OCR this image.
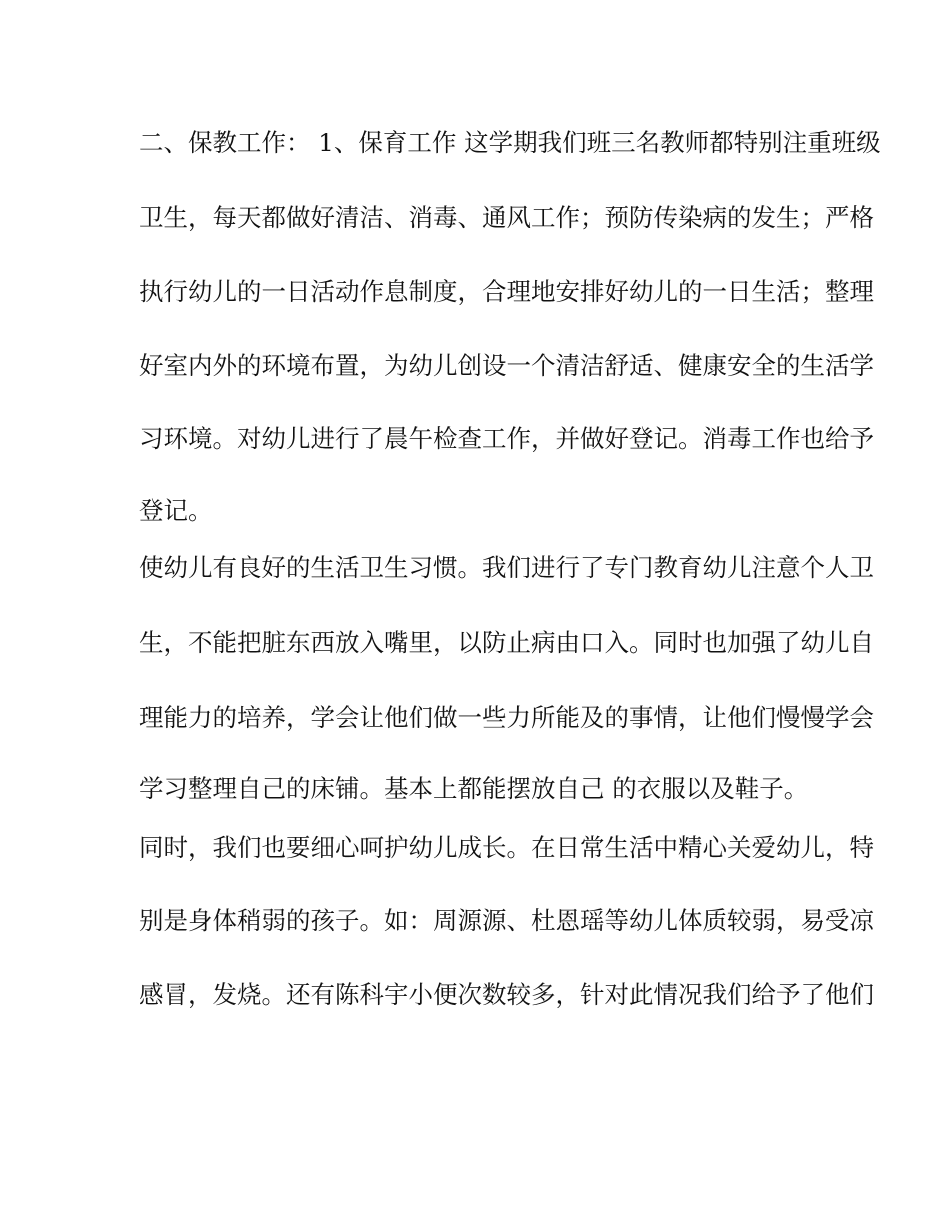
二、保教工作： 1、保育工作 这学期我们班三名教师都特别注重班级
卫生，每天都做好清洁、消毒、通风工作；预防传染病的发生；严格
执行幼儿的一日活动作息制度，合理地安排好幼儿的一日生活；整理
好室内外的环境布置，为幼儿创设一个清洁舒适、健康安全的生活学
习环境。对幼儿进行了晨午检查工作，并做好登记。消毒工作也给予
登记。
使幼儿有良好的生活卫生习惯。我们进行了专门教育幼儿注意个人卫
生，不能把脏东西放入嘴里，以防止病由口入。同时也加强了幼儿自
理能力的培养，学会让他们做一些力所能及的事情，让他们慢慢学会
学习整理自己的床铺。基本上都能摆放自己 的衣服以及鞋子。
同时，我们也要细心呵护幼儿成长。在日常生活中精心关爱幼儿，特
别是身体稍弱的孩子。如：周源源、杜恩瑶等幼儿体质较弱，易受凉
感冒，发烧。还有陈科宇小便次数较多，针对此情况我们给予了他们
